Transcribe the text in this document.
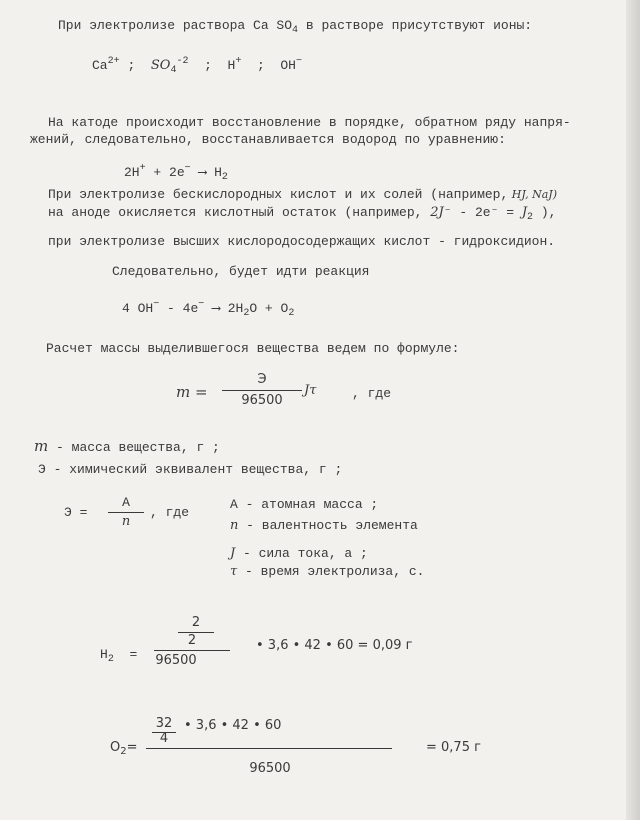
При электролизе раствора Ca $SO_4$ в растворе присутствуют ионы:
$Ca^{2+}$ ; $SO_4^{-2}$ ; H+ ; OH−
На катоде происходит восстановление в порядке, обратном ряду напря-
жений, следовательно, восстанавливается водород по уравнению:
2H+ + 2e− ⟶ $H_2$
При электролизе бескислородных кислот и их солей (например, HJ, NaJ)
на аноде окисляется кислотный остаток (например, $2J^- - 2e^- = J_2$ ),
при электролизе высших кислородосодержащих кислот - гидроксидион.
Следовательно, будет идти реакция
4 OH− - 4e− ⟶ $2H_2O + O_2$
Расчет массы выделившегося вещества ведем по формуле:
m =
Э
96500
Jτ	, где
m - масса вещества, г ;
Э - химический эквивалент вещества, г ;
Э =
A
n
, где
A - атомная масса ;
n - валентность элемента
J - сила тока, а ;
τ - время электролиза, с.
$H_2$ =
2
2
96500
• 3,6 • 42 • 60 = 0,09 г
$O_2=$
32
4
• 3,6 • 42 • 60
96500
= 0,75 г
